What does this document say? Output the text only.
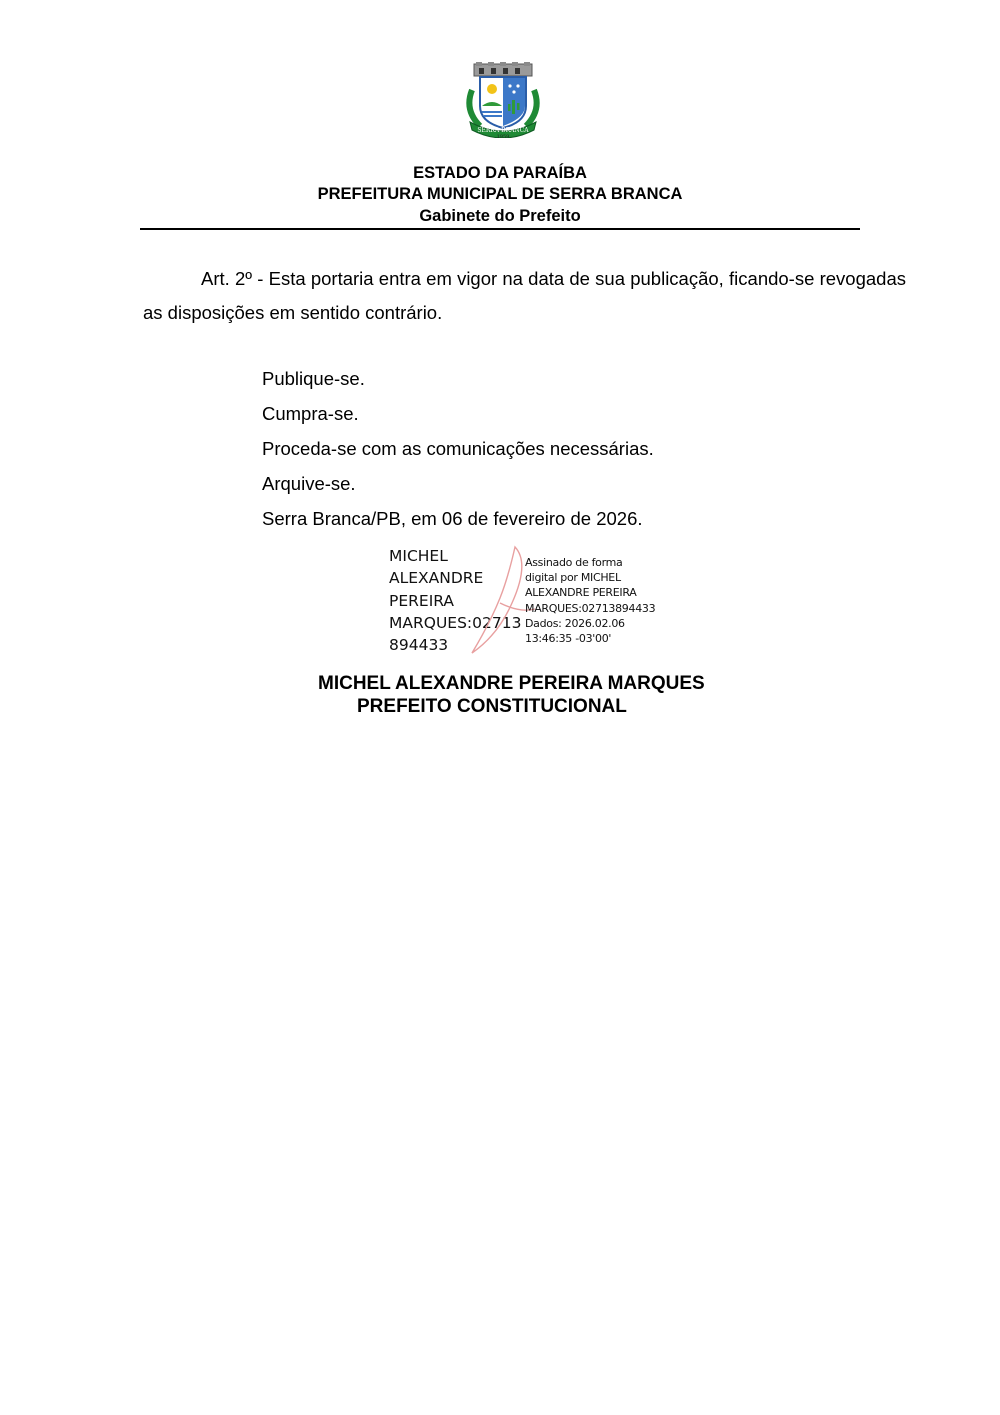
SERRA BRANCA
1959
ESTADO DA PARAÍBA
PREFEITURA MUNICIPAL DE SERRA BRANCA
Gabinete do Prefeito

Art. 2º - Esta portaria entra em vigor na data de sua publicação, ficando-se revogadas as disposições em sentido contrário.

Publique-se.
Cumpra-se.
Proceda-se com as comunicações necessárias.
Arquive-se.
Serra Branca/PB, em 06 de fevereiro de 2026.
MICHEL
ALEXANDRE
PEREIRA
MARQUES:02713
894433
Assinado de forma
digital por MICHEL
ALEXANDRE PEREIRA
MARQUES:02713894433
Dados: 2026.02.06
13:46:35 -03'00'
MICHEL ALEXANDRE PEREIRA MARQUES
PREFEITO CONSTITUCIONAL
